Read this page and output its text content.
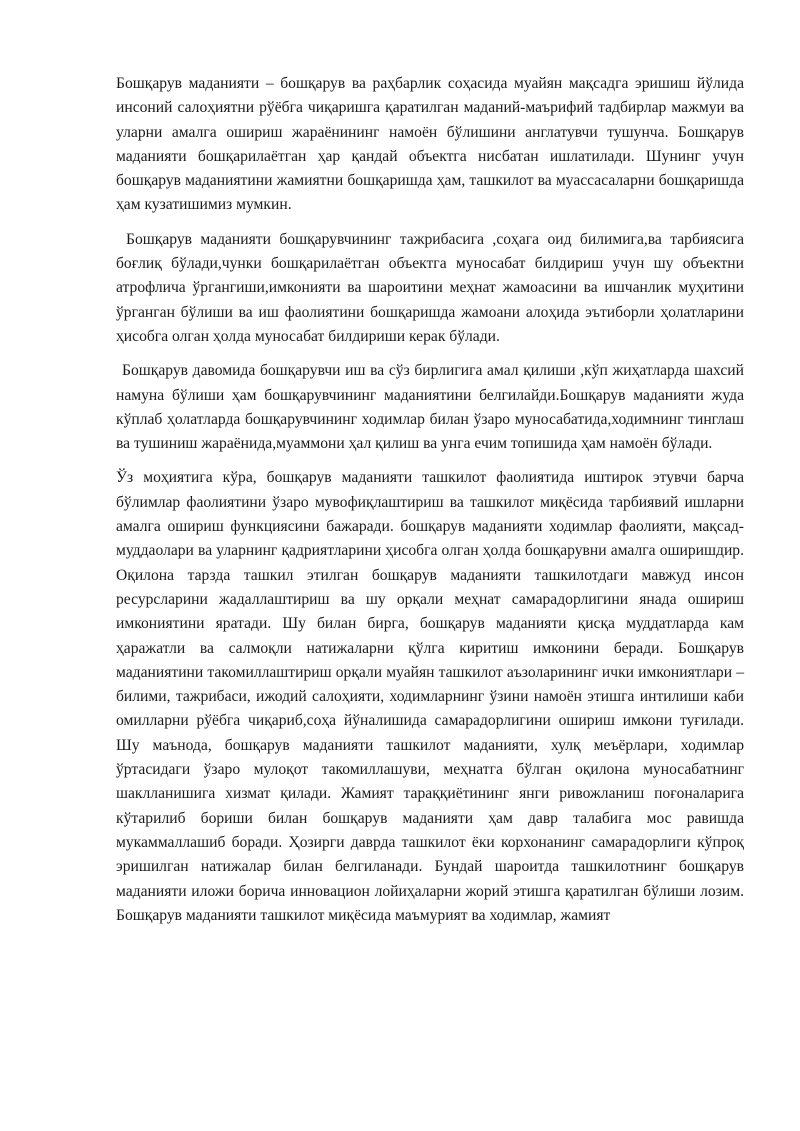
Бошқарув маданияти – бошқарув ва раҳбарлик соҳасида муайян мақсадга эришиш йўлида инсоний салоҳиятни рўёбга чиқаришга қаратилган маданий-маърифий тадбирлар мажмуи ва уларни амалга ошириш жараёнининг намоён бўлишини англатувчи тушунча. Бошқарув маданияти бошқарилаётган ҳар қандай объектга нисбатан ишлатилади. Шунинг учун бошқарув маданиятини жамиятни бошқаришда ҳам, ташкилот ва муассасаларни бошқаришда ҳам кузатишимиз мумкин.

Бошқарув маданияти бошқарувчининг тажрибасига ,соҳага оид билимига,ва тарбиясига боғлиқ бўлади,чунки бошқарилаётган объектга муносабат билдириш учун шу объектни атрофлича ўргангиши,имконияти ва шароитини меҳнат жамоасини ва ишчанлик муҳитини ўрганган бўлиши ва иш фаолиятини бошқаришда жамоани алоҳида эътиборли ҳолатларини ҳисобга олган ҳолда муносабат билдириши керак бўлади.

Бошқарув давомида бошқарувчи иш ва сўз бирлигига амал қилиши ,кўп жиҳатларда шахсий намуна бўлиши ҳам бошқарувчининг маданиятини белгилайди.Бошқарув маданияти жуда кўплаб ҳолатларда бошқарувчининг ходимлар билан ўзаро муносабатида,ходимнинг тинглаш ва тушиниш жараёнида,муаммони ҳал қилиш ва унга ечим топишида ҳам намоён бўлади.

Ўз моҳиятига кўра, бошқарув маданияти ташкилот фаолиятида иштирок этувчи барча бўлимлар фаолиятини ўзаро мувофиқлаштириш ва ташкилот миқёсида тарбиявий ишларни амалга ошириш функциясини бажаради. бошқарув маданияти ходимлар фаолияти, мақсад-муддаолари ва уларнинг қадриятларини ҳисобга олган ҳолда бошқарувни амалга оширишдир. Оқилона тарзда ташкил этилган бошқарув маданияти ташкилотдаги мавжуд инсон ресурсларини жадаллаштириш ва шу орқали меҳнат самарадорлигини янада ошириш имкониятини яратади. Шу билан бирга, бошқарув маданияти қисқа муддатларда кам ҳаражатли ва салмоқли натижаларни қўлга киритиш имконини беради. Бошқарув маданиятини такомиллаштириш орқали муайян ташкилот аъзоларининг ички имкониятлари – билими, тажрибаси, ижодий салоҳияти, ходимларнинг ўзини намоён этишга интилиши каби омилларни рўёбга чиқариб,соҳа йўналишида самарадорлигини ошириш имкони туғилади. Шу маънода, бошқарув маданияти ташкилот маданияти, хулқ меъёрлари, ходимлар ўртасидаги ўзаро мулоқот такомиллашуви, меҳнатга бўлган оқилона муносабатнинг шаклланишига хизмат қилади. Жамият тараққиётининг янги ривожланиш поғоналарига кўтарилиб бориши билан бошқарув маданияти ҳам давр талабига мос равишда мукаммаллашиб боради. Ҳозирги даврда ташкилот ёки корхонанинг самарадорлиги кўпроқ эришилган натижалар билан белгиланади. Бундай шароитда ташкилотнинг бошқарув маданияти иложи борича инновацион лойиҳаларни жорий этишга қаратилган бўлиши лозим. Бошқарув маданияти ташкилот миқёсида маъмурият ва ходимлар, жамият
